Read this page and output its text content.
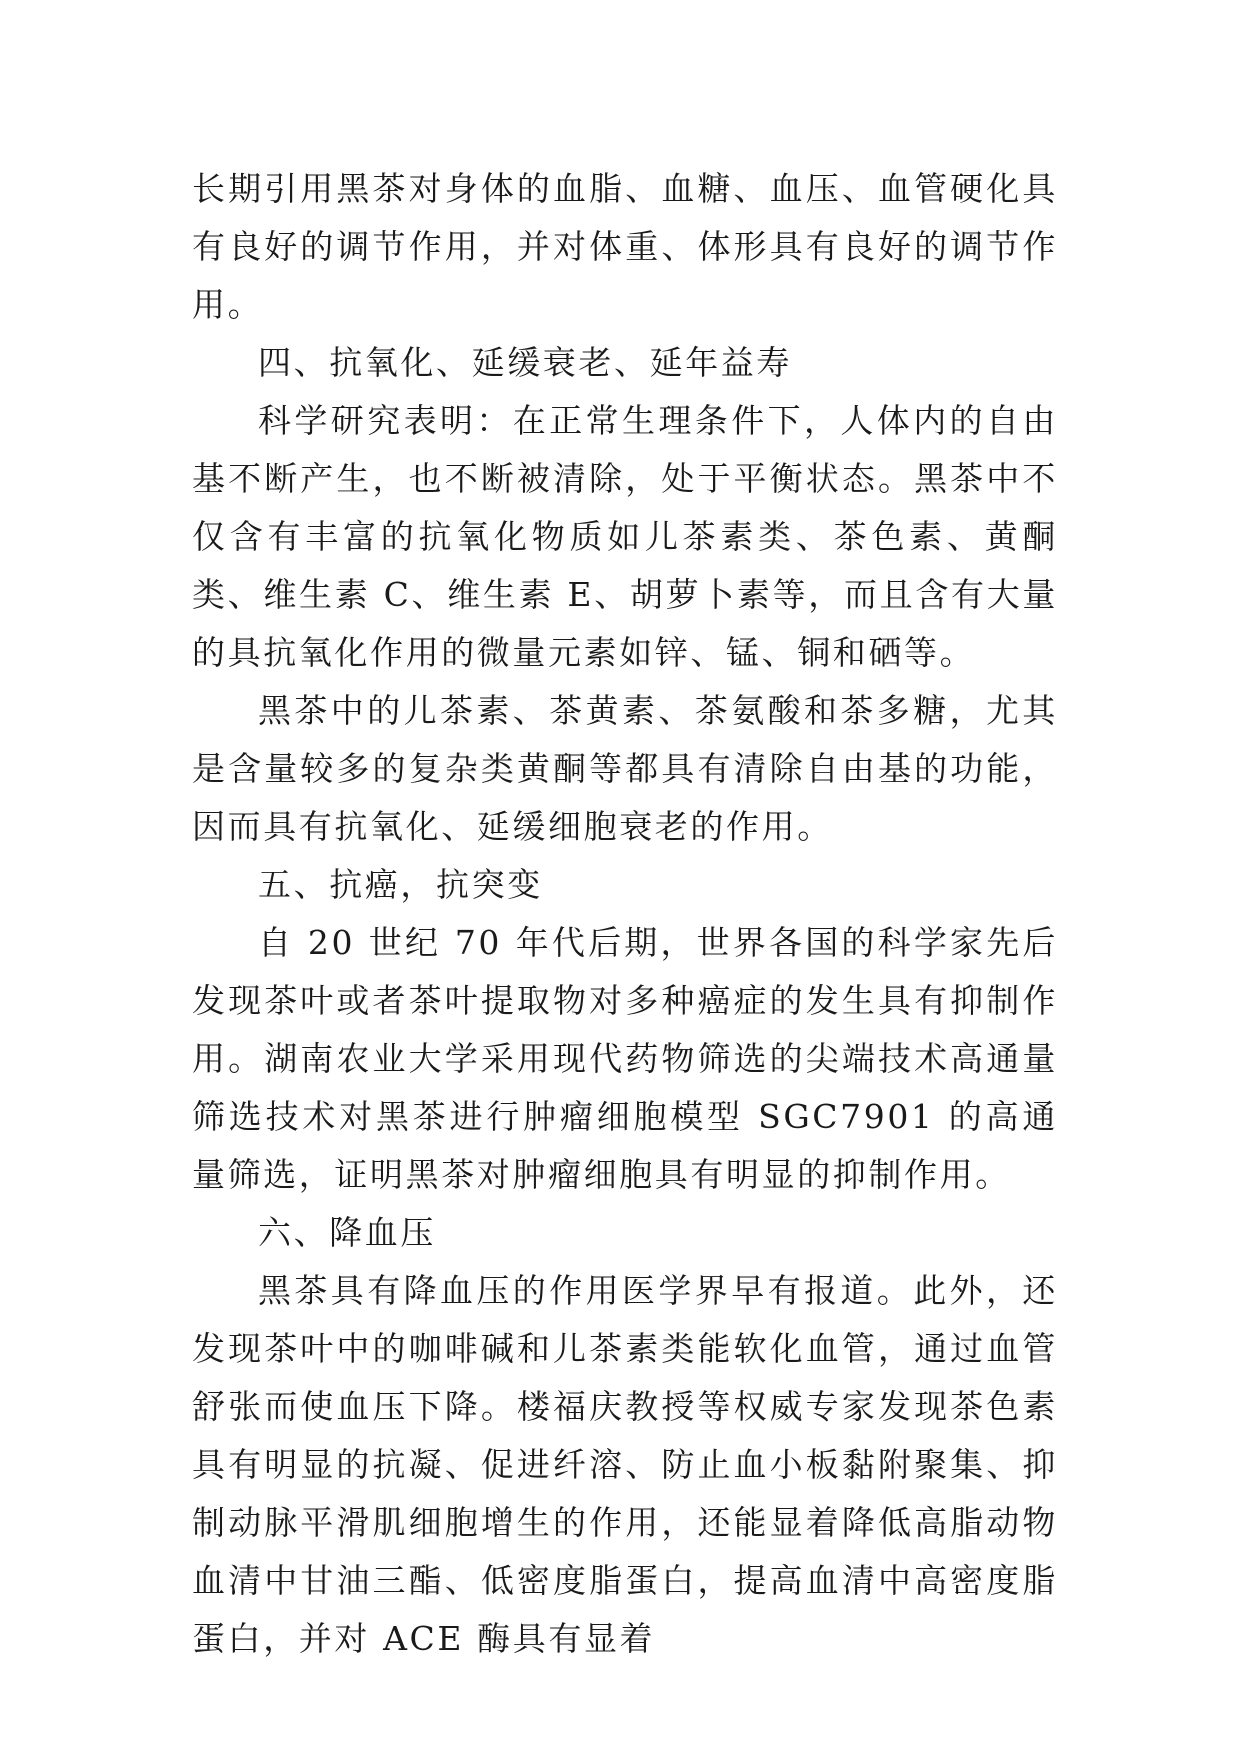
长期引用黑茶对身体的血脂、血糖、血压、血管硬化具有良好的调节作用，并对体重、体形具有良好的调节作用。

四、抗氧化、延缓衰老、延年益寿

科学研究表明：在正常生理条件下，人体内的自由基不断产生，也不断被清除，处于平衡状态。黑茶中不仅含有丰富的抗氧化物质如儿茶素类、茶色素、黄酮类、维生素 C、维生素 E、胡萝卜素等，而且含有大量的具抗氧化作用的微量元素如锌、锰、铜和硒等。

黑茶中的儿茶素、茶黄素、茶氨酸和茶多糖，尤其是含量较多的复杂类黄酮等都具有清除自由基的功能，因而具有抗氧化、延缓细胞衰老的作用。

五、抗癌，抗突变

自 20 世纪 70 年代后期，世界各国的科学家先后发现茶叶或者茶叶提取物对多种癌症的发生具有抑制作用。湖南农业大学采用现代药物筛选的尖端技术高通量筛选技术对黑茶进行肿瘤细胞模型 SGC7901 的高通量筛选，证明黑茶对肿瘤细胞具有明显的抑制作用。

六、降血压

黑茶具有降血压的作用医学界早有报道。此外，还发现茶叶中的咖啡碱和儿茶素类能软化血管，通过血管舒张而使血压下降。楼福庆教授等权威专家发现茶色素具有明显的抗凝、促进纤溶、防止血小板黏附聚集、抑制动脉平滑肌细胞增生的作用，还能显着降低高脂动物血清中甘油三酯、低密度脂蛋白，提高血清中高密度脂蛋白，并对 ACE 酶具有显着
